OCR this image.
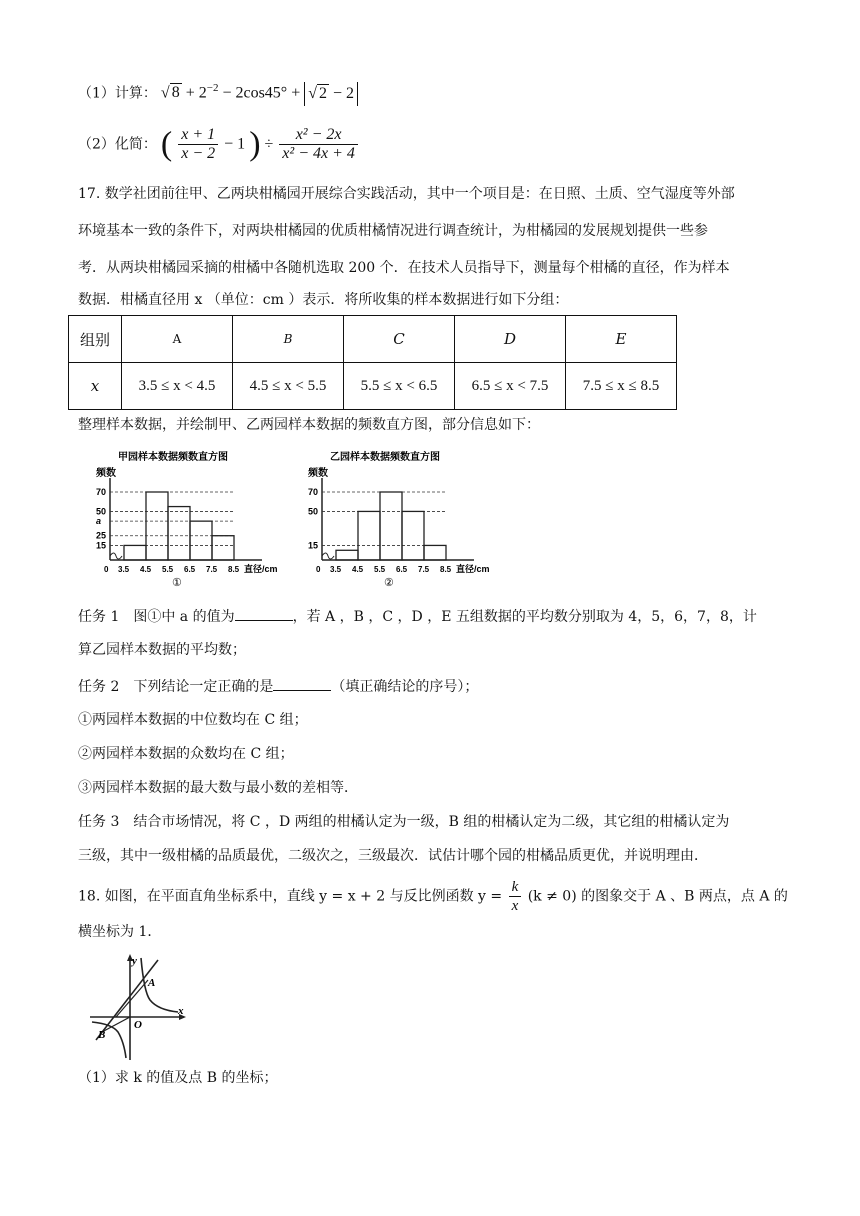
（1）计算： √ $8 + 2^{-2} - 2\cos 45^\circ$ + √ 2 − 2
（2）化简： ( $\frac{x + 1}{x - 2} - 1$ ) ÷ $\frac{\text{x² − 2x}}{\text{x² − 4x + 4}}$
17. 数学社团前往甲、乙两块柑橘园开展综合实践活动，其中一个项目是：在日照、土质、空气湿度等外部
环境基本一致的条件下，对两块柑橘园的优质柑橘情况进行调查统计，为柑橘园的发展规划提供一些参
考．从两块柑橘园采摘的柑橘中各随机选取 200 个．在技术人员指导下，测量每个柑橘的直径，作为样本
数据．柑橘直径用 x （单位：cm ）表示．将所收集的样本数据进行如下分组：
组别	A	B	C	D	E
x	3.5 ≤ x < 4.5	4.5 ≤ x < 5.5	5.5 ≤ x < 6.5	6.5 ≤ x < 7.5	7.5 ≤ x ≤ 8.5
整理样本数据，并绘制甲、乙两园样本数据的频数直方图，部分信息如下：
甲园样本数据频数直方图
频数
15
25
a
50
70
0 3.5 4.5 5.5 6.5 7.5 8.5 直径/cm
①
乙园样本数据频数直方图
频数
15
50
70
0 3.5 4.5 5.5 6.5 7.5 8.5 直径/cm
②
任务 1　图①中 a 的值为	，若 A ，B ，C ，D ，E 五组数据的平均数分别取为 4，5，6，7，8，计
算乙园样本数据的平均数；
任务 2　下列结论一定正确的是	（填正确结论的序号）；
①两园样本数据的中位数均在 C 组；
②两园样本数据的众数均在 C 组；
③两园样本数据的最大数与最小数的差相等．
任务 3　结合市场情况，将 C ，D 两组的柑橘认定为一级，B 组的柑橘认定为二级，其它组的柑橘认定为
三级，其中一级柑橘的品质最优，二级次之，三级最次．试估计哪个园的柑橘品质更优，并说明理由．
18. 如图，在平面直角坐标系中，直线 y = x + 2 与反比例函数 $y = \frac{k}{x} (k \ne 0)$ 的图象交于 A 、B 两点，点 A 的
横坐标为 1．
y
x
O
A
B
（1）求 k 的值及点 B 的坐标；
